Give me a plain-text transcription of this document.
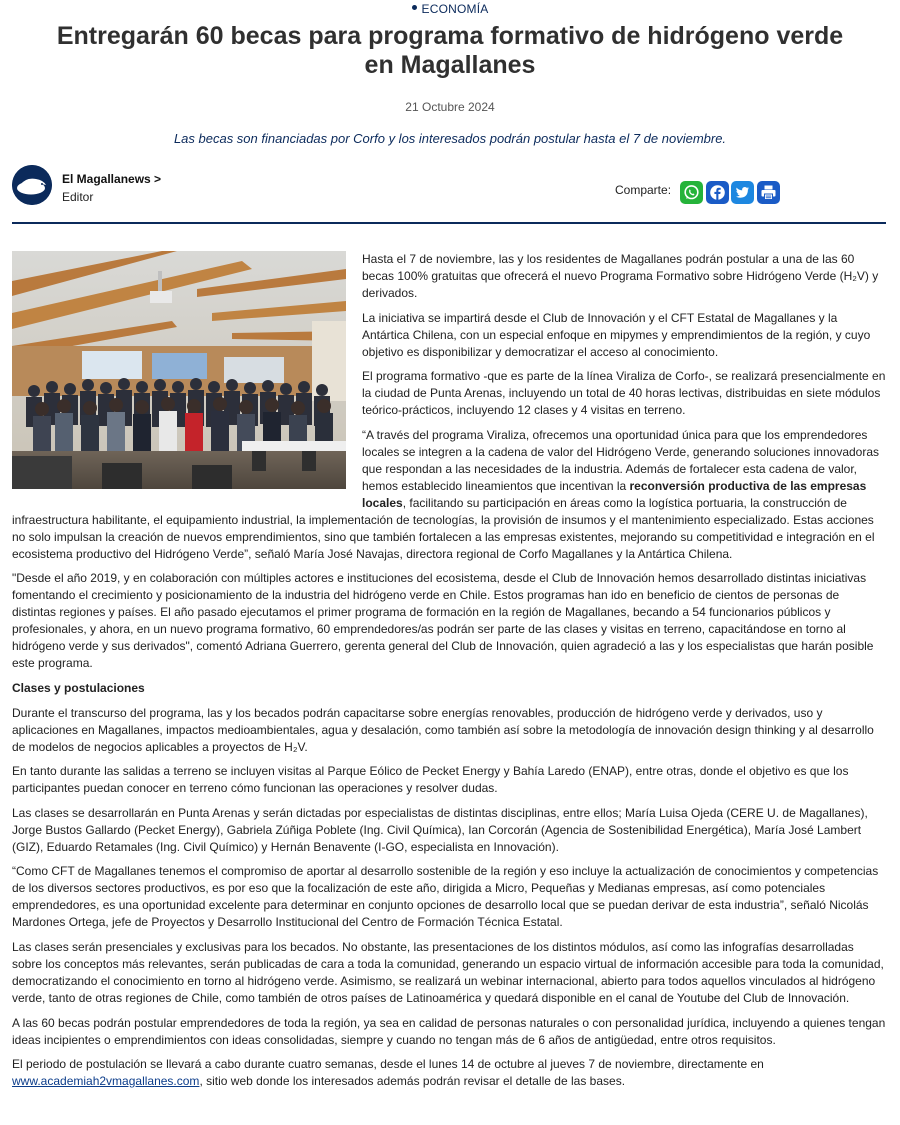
ECONOMÍA
Entregarán 60 becas para programa formativo de hidrógeno verde en Magallanes
21 Octubre 2024
Las becas son financiadas por Corfo y los interesados podrán postular hasta el 7 de noviembre.
El Magallanews >
Editor	Comparte:

Hasta el 7 de noviembre, las y los residentes de Magallanes podrán postular a una de las 60 becas 100% gratuitas que ofrecerá el nuevo Programa Formativo sobre Hidrógeno Verde (H₂V) y derivados.

La iniciativa se impartirá desde el Club de Innovación y el CFT Estatal de Magallanes y la Antártica Chilena, con un especial enfoque en mipymes y emprendimientos de la región, y cuyo objetivo es disponibilizar y democratizar el acceso al conocimiento.

El programa formativo -que es parte de la línea Viraliza de Corfo-, se realizará presencialmente en la ciudad de Punta Arenas, incluyendo un total de 40 horas lectivas, distribuidas en siete módulos teórico-prácticos, incluyendo 12 clases y 4 visitas en terreno.

“A través del programa Viraliza, ofrecemos una oportunidad única para que los emprendedores locales se integren a la cadena de valor del Hidrógeno Verde, generando soluciones innovadoras que respondan a las necesidades de la industria. Además de fortalecer esta cadena de valor, hemos establecido lineamientos que incentivan la reconversión productiva de las empresas locales, facilitando su participación en áreas como la logística portuaria, la construcción de infraestructura habilitante, el equipamiento industrial, la implementación de tecnologías, la provisión de insumos y el mantenimiento especializado. Estas acciones no solo impulsan la creación de nuevos emprendimientos, sino que también fortalecen a las empresas existentes, mejorando su competitividad e integración en el ecosistema productivo del Hidrógeno Verde”, señaló María José Navajas, directora regional de Corfo Magallanes y la Antártica Chilena.

"Desde el año 2019, y en colaboración con múltiples actores e instituciones del ecosistema, desde el Club de Innovación hemos desarrollado distintas iniciativas fomentando el crecimiento y posicionamiento de la industria del hidrógeno verde en Chile. Estos programas han ido en beneficio de cientos de personas de distintas regiones y países. El año pasado ejecutamos el primer programa de formación en la región de Magallanes, becando a 54 funcionarios públicos y profesionales, y ahora, en un nuevo programa formativo, 60 emprendedores/as podrán ser parte de las clases y visitas en terreno, capacitándose en torno al hidrógeno verde y sus derivados", comentó Adriana Guerrero, gerenta general del Club de Innovación, quien agradeció a las y los especialistas que harán posible este programa.

Clases y postulaciones

Durante el transcurso del programa, las y los becados podrán capacitarse sobre energías renovables, producción de hidrógeno verde y derivados, uso y aplicaciones en Magallanes, impactos medioambientales, agua y desalación, como también así sobre la metodología de innovación design thinking y al desarrollo de modelos de negocios aplicables a proyectos de H₂V.

En tanto durante las salidas a terreno se incluyen visitas al Parque Eólico de Pecket Energy y Bahía Laredo (ENAP), entre otras, donde el objetivo es que los participantes puedan conocer en terreno cómo funcionan las operaciones y resolver dudas.

Las clases se desarrollarán en Punta Arenas y serán dictadas por especialistas de distintas disciplinas, entre ellos; María Luisa Ojeda (CERE U. de Magallanes), Jorge Bustos Gallardo (Pecket Energy), Gabriela Zúñiga Poblete (Ing. Civil Química), Ian Corcorán (Agencia de Sostenibilidad Energética), María José Lambert (GIZ), Eduardo Retamales (Ing. Civil Químico) y Hernán Benavente (I-GO, especialista en Innovación).

“Como CFT de Magallanes tenemos el compromiso de aportar al desarrollo sostenible de la región y eso incluye la actualización de conocimientos y competencias de los diversos sectores productivos, es por eso que la focalización de este año, dirigida a Micro, Pequeñas y Medianas empresas, así como potenciales emprendedores, es una oportunidad excelente para determinar en conjunto opciones de desarrollo local que se puedan derivar de esta industria”, señaló Nicolás Mardones Ortega, jefe de Proyectos y Desarrollo Institucional del Centro de Formación Técnica Estatal.

Las clases serán presenciales y exclusivas para los becados. No obstante, las presentaciones de los distintos módulos, así como las infografías desarrolladas sobre los conceptos más relevantes, serán publicadas de cara a toda la comunidad, generando un espacio virtual de información accesible para toda la comunidad, democratizando el conocimiento en torno al hidrógeno verde. Asimismo, se realizará un webinar internacional, abierto para todos aquellos vinculados al hidrógeno verde, tanto de otras regiones de Chile, como también de otros países de Latinoamérica y quedará disponible en el canal de Youtube del Club de Innovación.

A las 60 becas podrán postular emprendedores de toda la región, ya sea en calidad de personas naturales o con personalidad jurídica, incluyendo a quienes tengan ideas incipientes o emprendimientos con ideas consolidadas, siempre y cuando no tengan más de 6 años de antigüedad, entre otros requisitos.

El periodo de postulación se llevará a cabo durante cuatro semanas, desde el lunes 14 de octubre al jueves 7 de noviembre, directamente en www.academiah2vmagallanes.com, sitio web donde los interesados además podrán revisar el detalle de las bases.
